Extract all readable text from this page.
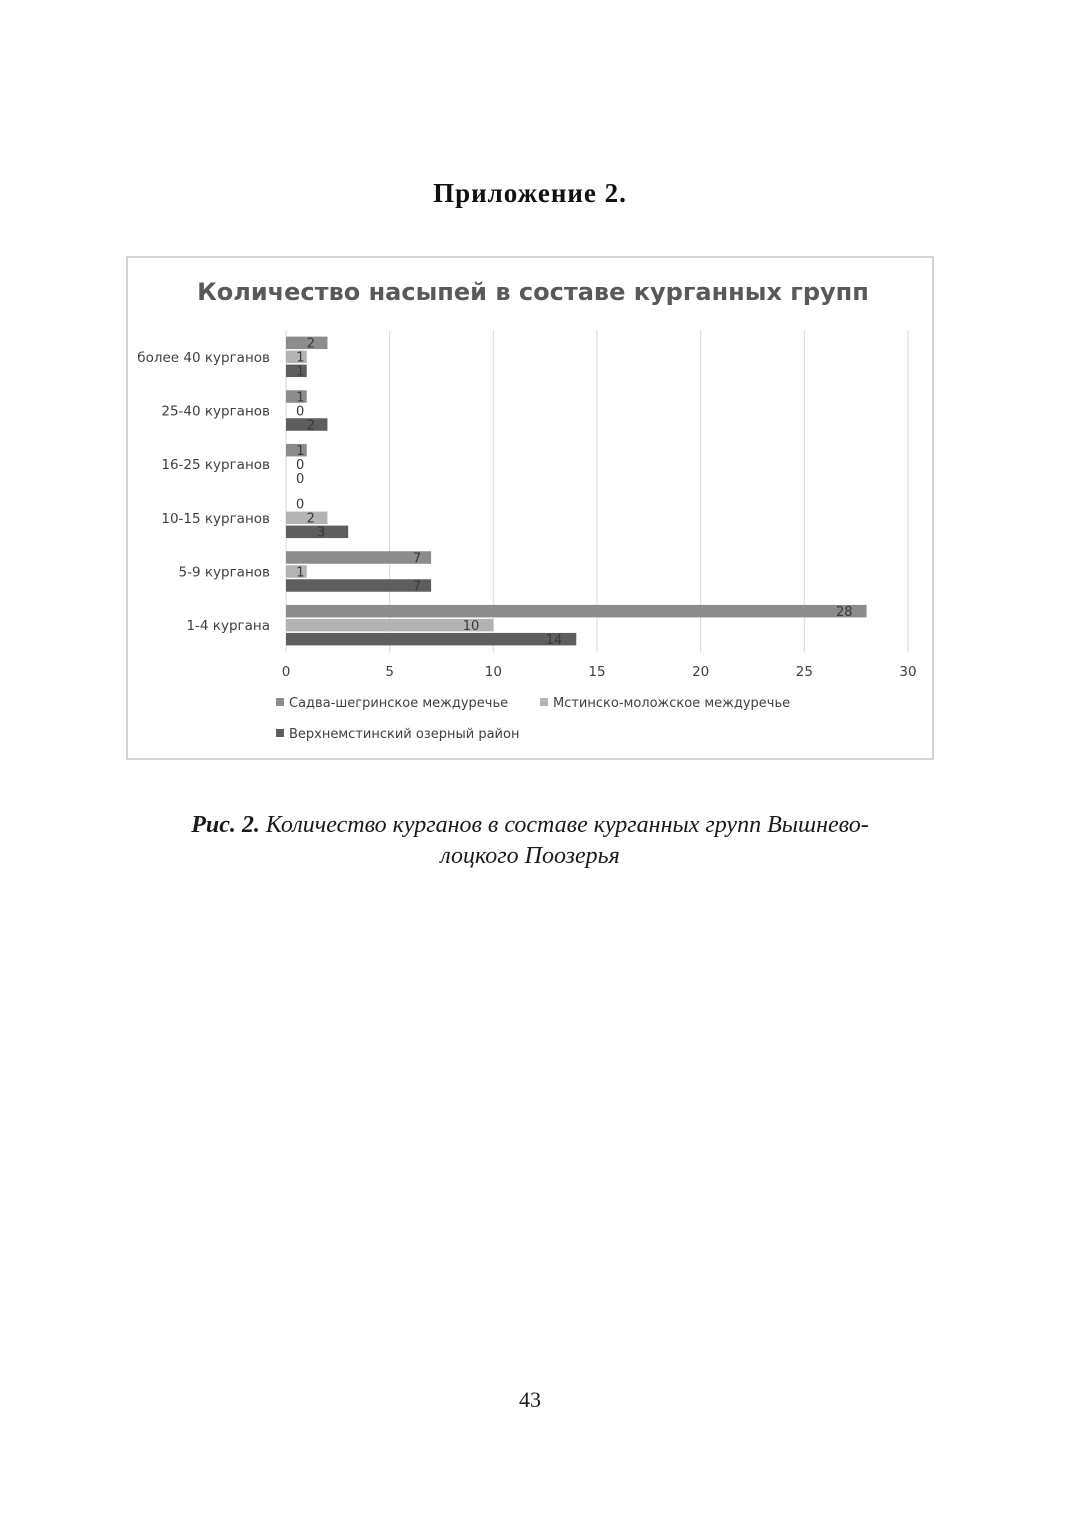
Приложение 2.
Количество насыпей в составе курганных групп
2
1
1
1
0
2
1
0
0
0
2
3
7
1
7
28
10
14
более 40 курганов
25-40 курганов
16-25 курганов
10-15 курганов
5-9 курганов
1-4 кургана
0	5	10	15	20	25	30
Садва-шегринское междуречье	Мстинско-моложское междуречье
Верхнемстинский озерный район
Рис. 2. Количество курганов в составе курганных групп Вышнево-
лоцкого Поозерья
43
